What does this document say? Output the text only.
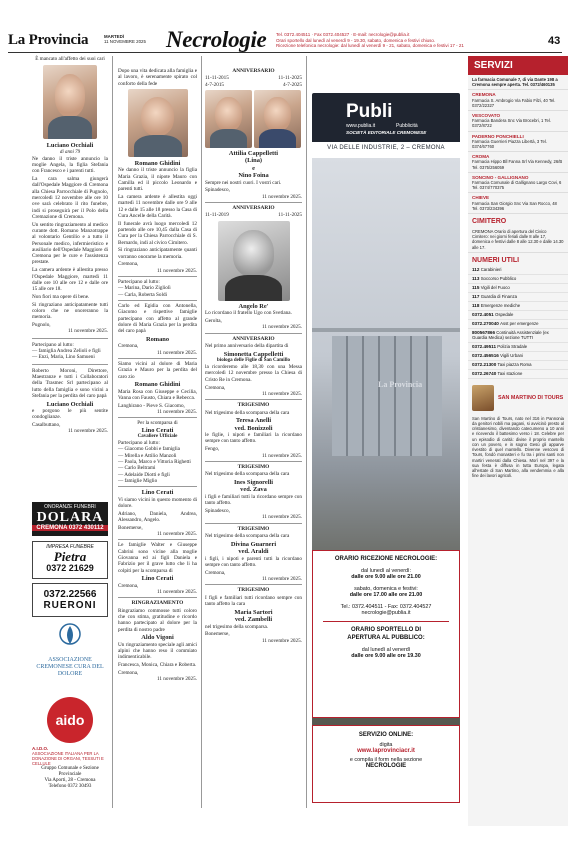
La Provincia	MARTEDÌ
11 NOVEMBRE 2025 Necrologie Tel. 0372.404511 · Fax 0372.404527 · E-mail: necrologie@publia.it
Orari sportello dal lunedì al venerdì 9 - 19.30, sabato, domenica e festivi chiuso.
Ricezione telefonica necrologie: dal lunedì al venerdì 9 - 21, sabato, domenica e festivi 17 - 21	43

È mancato all'affetto dei suoi cari

Luciano Occhiali
di anni 79

Ne danno il triste annuncio la moglie Angela, la figlia Stefania con Francesco e i parenti tutti.

La cara salma giungerà dall'Ospedale Maggiore di Cremona alla Chiesa Parrocchiale di Pugnolo, mercoledì 12 novembre alle ore 10 ove sarà celebrato il rito funebre, indi si proseguirà per il Polo della Cremazione di Cremona.

Un sentito ringraziamento al medico curante dott. Romano Manzotrappe al volontario Gentilio e a tutto il Personale medico, infermieristico e ausiliario dell'Ospedale Maggiore di Cremona per le cure e l'assistenza prestate.

La camera ardente è allestita presso l'Ospedale Maggiore, martedì 11 dalle ore 10 alle ore 12 e dalle ore 15 alle ore 18.

Non fiori ma opere di bene.

Si ringraziano anticipatamente tutti coloro che ne onoreranno la memoria.

Pugnolo,
11 novembre 2025.
Partecipano al lutto:
— famiglia Andrea Zelioli e figli
— Enzi, Maria, Lino Samueni

Roberto Moroni, Direttore, Maestranze e tutti i Collaboratori della Trasmec Srl partecipano al lutto della famiglia e sono vicini a Stefania per la perdita del caro papà

Luciano Occhiali

e porgono le più sentite condoglianze.

Casalbuttano,
11 novembre 2025.
ONORANZE FUNEBRI
DOLARA
CREMONA 0372 430112
IMPRESA FUNEBRE
Pietra
0372 21629
0372.22566
RUERONI
ASSOCIAZIONE CREMONESE CURA DEL DOLORE
aido
A.I.D.O.
ASSOCIAZIONE ITALIANA PER LA DONAZIONE DI ORGANI, TESSUTI E CELLULE
Gruppo Comunale e Sezione Provinciale
Via Aporti, 28 - Cremona
Telefono 0372 30493

Dopo una vita dedicata alla famiglia e al lavoro, è serenamente spirato col conforto della fede

Romano Ghidini

Ne danno il triste annuncio la figlia Maria Grazia, il nipote Mauro con Camilla ed il piccolo Leonardo e parenti tutti.

La camera ardente è allestita oggi martedì 11 novembre dalle ore 9 alle 12 e dalle 15 alle 18 presso la Casa di Cura Ancelle della Carità.

Il funerale avrà luogo mercoledì 12 partendo alle ore 10,45 dalla Casa di Cura per la Chiesa Parrocchiale di S. Bernardo, indi al civico Cimitero.

Si ringraziano anticipatamente quanti vorranno onorarne la memoria.

Cremona,
11 novembre 2025.
Partecipano al lutto:
— Marina, Dario Zigliolì
— Carla, Roberta Soldi

Carlo ed Egidia con Antonella, Giacomo e rispettive famiglie partecipano con affetto al grande dolore di Maria Grazia per la perdita del caro papà

Romano
Cremona,
11 novembre 2025.

Siamo vicini al dolore di Maria Grazia e Mauro per la perdita del caro zio

Romano Ghidini

Maria Rosa con Giuseppe e Cecilia, Vanna con Fausto, Chiara e Rebecca.

Langhirano - Pieve S. Giacomo,
11 novembre 2025.
Per la scomparsa di
Lino Cerati
Cavaliere Ufficiale
Partecipano al lutto:
— Giacomo Gobbi e famiglia
— Mirella e Attilio Manzoli
— Paola, Marco e Vittoria Righetti
— Carlo Beltrami
— Adelaide Diotti e figli
— famiglie Miglio
Lino Cerati

Vi siamo vicini in questo momento di dolore.

Adriano, Daniela, Andrea, Alessandro, Angelo.

Bonemerse,
11 novembre 2025.

Le famiglie Walter e Giuseppe Cabrini sono vicine alla moglie Giovanna ed ai figli Daniela e Fabrizio per il grave lutto che li ha colpiti per la scomparsa di

Lino Cerati
Cremona,
11 novembre 2025.
RINGRAZIAMENTO

Ringraziamo commosse tutti coloro che con stima, gratitudine e ricordo hanno partecipato al dolore per la perdita di nostro padre

Aldo Vigoni

Un ringraziamento speciale agli amici alpini che hanno reso il commiato indimenticabile.

Francesca, Monica, Chiara e Roberta.

Cremona,
11 novembre 2025.
ANNIVERSARIO
11-11-2015	11-11-2025
4-7-2015	4-7-2025
Attilia Cappelletti
(Lina)
e
Nino Foina

Sempre nei nostri cuori. I vostri cari.

Spinadesco,
11 novembre 2025.
ANNIVERSARIO
11-11-2019	11-11-2025
Angelo Re'

Lo ricordano il fratello Ugo con Svetlana.

Gerolta,
11 novembre 2025.
ANNIVERSARIO

Nel primo anniversario della dipartita di

Simonetta Cappelletti
biologa delle Figlie di San Camillo

la ricorderemo alle 18,30 con una Messa mercoledì 12 novembre presso la Chiesa di Cristo Re in Cremona.

Cremona,
11 novembre 2025.
TRIGESIMO

Nel trigesimo della scomparsa della cara

Teresa Anelli
ved. Bonizzoli

le figlie, i nipoti e familiari la ricordano sempre con tanto affetto.

Fengo,
11 novembre 2025.
TRIGESIMO

Nel trigesimo della scomparsa della cara

Ines Signorelli
ved. Zava

i figli e familiari tutti la ricordano sempre con tanto affetto.

Spinadesco,
11 novembre 2025.
TRIGESIMO

Nel trigesimo della scomparsa della cara

Divina Guarneri
ved. Araldi

i figli, i nipoti e parenti tutti la ricordano sempre con tanto affetto.

Cremona,
11 novembre 2025.
TRIGESIMO

I figli e familiari tutti ricordano sempre con tanto affetto la cara

Maria Sartori
ved. Zambelli

nel trigesimo della scomparsa.

Bonemerse,
11 novembre 2025.
La Provincia
Publi
www.publia.it	Pubblicità
SOCIETÀ EDITORIALE CREMONESE
VIA DELLE INDUSTRIE, 2 – CREMONA
ORARIO RICEZIONE NECROLOGIE:
dal lunedì al venerdì:
dalle ore 9.00 alle ore 21.00
sabato, domenica e festivi:
dalle ore 17.00 alle ore 21.00
Tel.: 0372.404511 - Fax: 0372.404527
necrologie@publia.it
ORARIO SPORTELLO DI APERTURA AL PUBBLICO:
dal lunedì al venerdì
dalle ore 9.00 alle ore 19.30
SERVIZIO ONLINE:
digita
www.laprovinciacr.it
e compila il form nella sezione
NECROLOGIE
SERVIZI
La farmacia Comunale 7, di via Dante 198 a Cremona sempre aperta. Tel. 0372/460135
CREMONA
Farmacia S. Ambrogio Via Fabio Filzi, 40 Tel. 0372/22327
VESCOVATO
Farmacia Bandera Snc Via Brocebri, 1 Tel. 0372/8722
PADERNO PONCHIELLI
Farmacia Guerrieri Piazza Libertà, 3 Tel. 0374/67760
CROMA
Farmacia Hippo Bll Fanna Srl Via Kennedy, 26/B Tel. 0375/256059
SONCINO - GALLIGNANO
Farmacia Comunale di Gallignano Largo Covi, 6 Tel. 0374/770375
CHIEVE
Farmacia San Giorgio Snc Via San Rocco, 48 Tel. 0373/234396
CIMITERO
CREMONA Orario di apertura del Civico Cimitero: nei giorni feriali dalle 8 alle 17, domenica e festivi dalle 8 alle 12.30 e dalle 14.30 alle 17.
NUMERI UTILI
112 Carabinieri
113 Soccorso Pubblico
115 Vigili del Fuoco
117 Guardia di Finanza
118 Emergenze mediche
0372.4051 Ospedale
0372.270040 Asst per emergenze
800567866 Continuità Assistenziale (ex Guardia Medica) sezione TUTTI
0372.49511 Polizia Stradale
0372.456516 Vigili Urbani
0372.21300 Taxi piazza Roma
0372.26740 Taxi stazione
SAN MARTINO DI TOURS
San Martino di Tours, nato nel 316 in Pannonia da genitori nobili ma pagani, si avvicinò presto al cristianesimo, diventando catecumeno a 10 anni e ricevendo il battesimo verso i 18. Celebre per un episodio di carità: divise il proprio mantello con un povero, e in sogno Gesù gli apparve rivestito di quel mantello. Divenne vescovo di Tours, fondò monasteri e fu tra i primi santi non martiri venerati dalla Chiesa. Morì nel 397 e la sua festa è diffusa in tutta Europa, legata all'estate di San Martino, alla vendemmia e alla fine dei lavori agricoli.
